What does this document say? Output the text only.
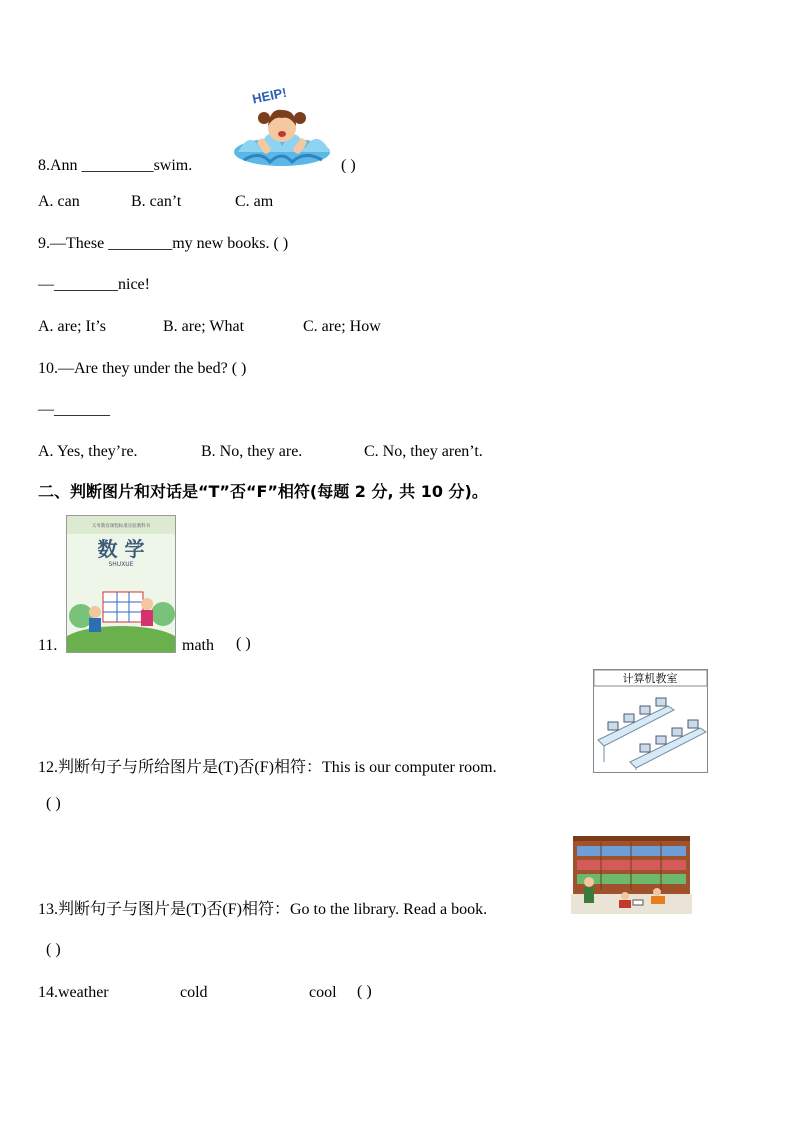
HEIP!
8.Ann _________swim.	( )
A. can	B. can’t	C. am
9.—These ________my new books. ( )
—________nice!
A. are; It’s	B. are; What	C. are; How
10.—Are they under the bed? ( )
—_______
A. Yes, they’re.	B. No, they are.	C. No, they aren’t.
二、判断图片和对话是“T”否“F”相符(每题 2 分, 共 10 分)。
义务教育课程标准实验教科书
数 学
SHUXUE
11.	math ( )
计算机教室
12.判断句子与所给图片是(T)否(F)相符：This is our computer room.
( )
13.判断句子与图片是(T)否(F)相符：Go to the library. Read a book.
( )
14.weather	cold	cool ( )
